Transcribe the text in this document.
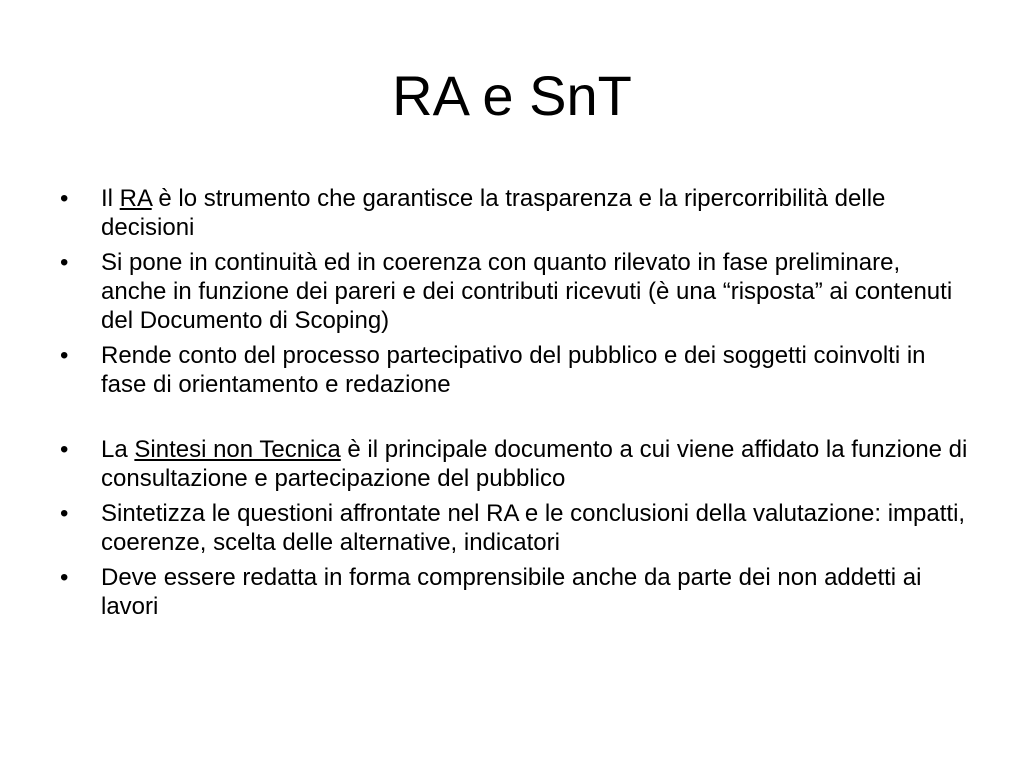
RA e SnT
•	Il RA è lo strumento che garantisce la trasparenza e la ripercorribilità delle decisioni
•	Si pone in continuità ed in coerenza con quanto rilevato in fase preliminare, anche in funzione dei pareri e dei contributi ricevuti (è una “risposta” ai contenuti del Documento di Scoping)
•	Rende conto del processo partecipativo del pubblico e dei soggetti coinvolti in fase di orientamento e redazione
•	La Sintesi non Tecnica è il principale documento a cui viene affidato la funzione di consultazione e partecipazione del pubblico
•	Sintetizza le questioni affrontate nel RA e le conclusioni della valutazione: impatti, coerenze, scelta delle alternative, indicatori
•	Deve essere redatta in forma comprensibile anche da parte dei non addetti ai lavori
